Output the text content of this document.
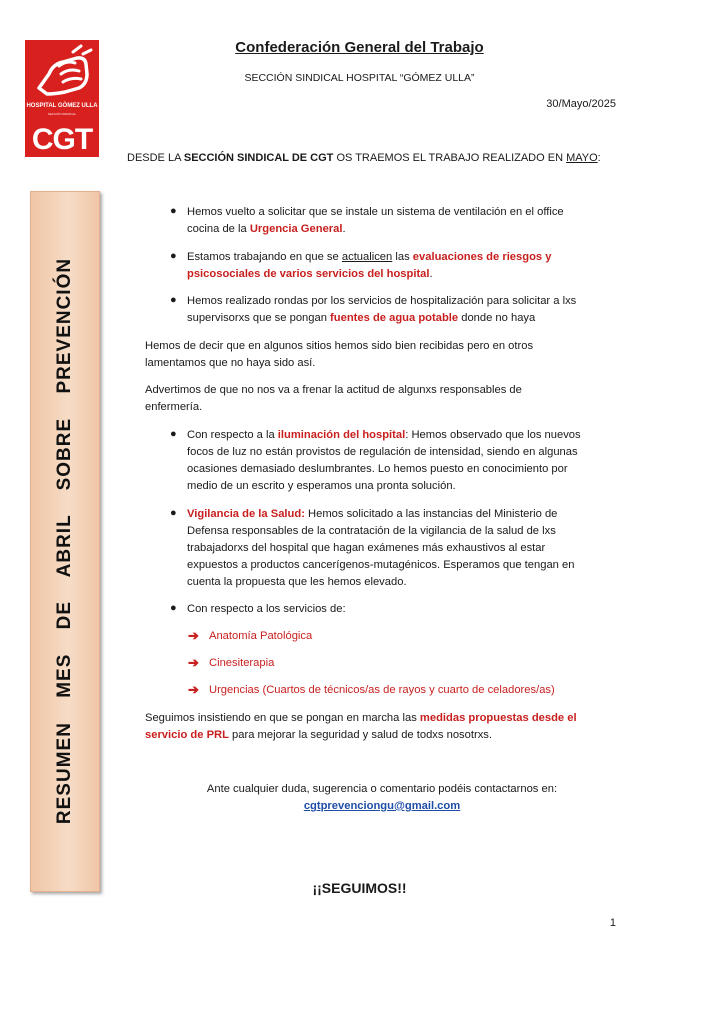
HOSPITAL GÓMEZ ULLA
SECCIÓN SINDICAL
CGT
Confederación General del Trabajo
SECCIÓN SINDICAL HOSPITAL “GÓMEZ ULLA”
30/Mayo/2025
DESDE LA SECCIÓN SINDICAL DE CGT OS TRAEMOS EL TRABAJO REALIZADO EN MAYO:
RESUMEN MES DE ABRIL SOBRE PREVENCIÓN
● Hemos vuelto a solicitar que se instale un sistema de ventilación en el office
cocina de la Urgencia General.
● Estamos trabajando en que se actualicen las evaluaciones de riesgos y
psicosociales de varios servicios del hospital.
● Hemos realizado rondas por los servicios de hospitalización para solicitar a lxs
supervisorxs que se pongan fuentes de agua potable donde no haya
Hemos de decir que en algunos sitios hemos sido bien recibidas pero en otros
lamentamos que no haya sido así.
Advertimos de que no nos va a frenar la actitud de algunxs responsables de
enfermería.
● Con respecto a la iluminación del hospital: Hemos observado que los nuevos
focos de luz no están provistos de regulación de intensidad, siendo en algunas
ocasiones demasiado deslumbrantes. Lo hemos puesto en conocimiento por
medio de un escrito y esperamos una pronta solución.
● Vigilancia de la Salud: Hemos solicitado a las instancias del Ministerio de
Defensa responsables de la contratación de la vigilancia de la salud de lxs
trabajadorxs del hospital que hagan exámenes más exhaustivos al estar
expuestos a productos cancerígenos-mutagénicos. Esperamos que tengan en
cuenta la propuesta que les hemos elevado.
● Con respecto a los servicios de:
➔ Anatomía Patológica
➔ Cinesiterapia
➔ Urgencias (Cuartos de técnicos/as de rayos y cuarto de celadores/as)
Seguimos insistiendo en que se pongan en marcha las medidas propuestas desde el
servicio de PRL para mejorar la seguridad y salud de todxs nosotrxs.
Ante cualquier duda, sugerencia o comentario podéis contactarnos en:
cgtprevenciongu@gmail.com
¡¡SEGUIMOS!!
1
